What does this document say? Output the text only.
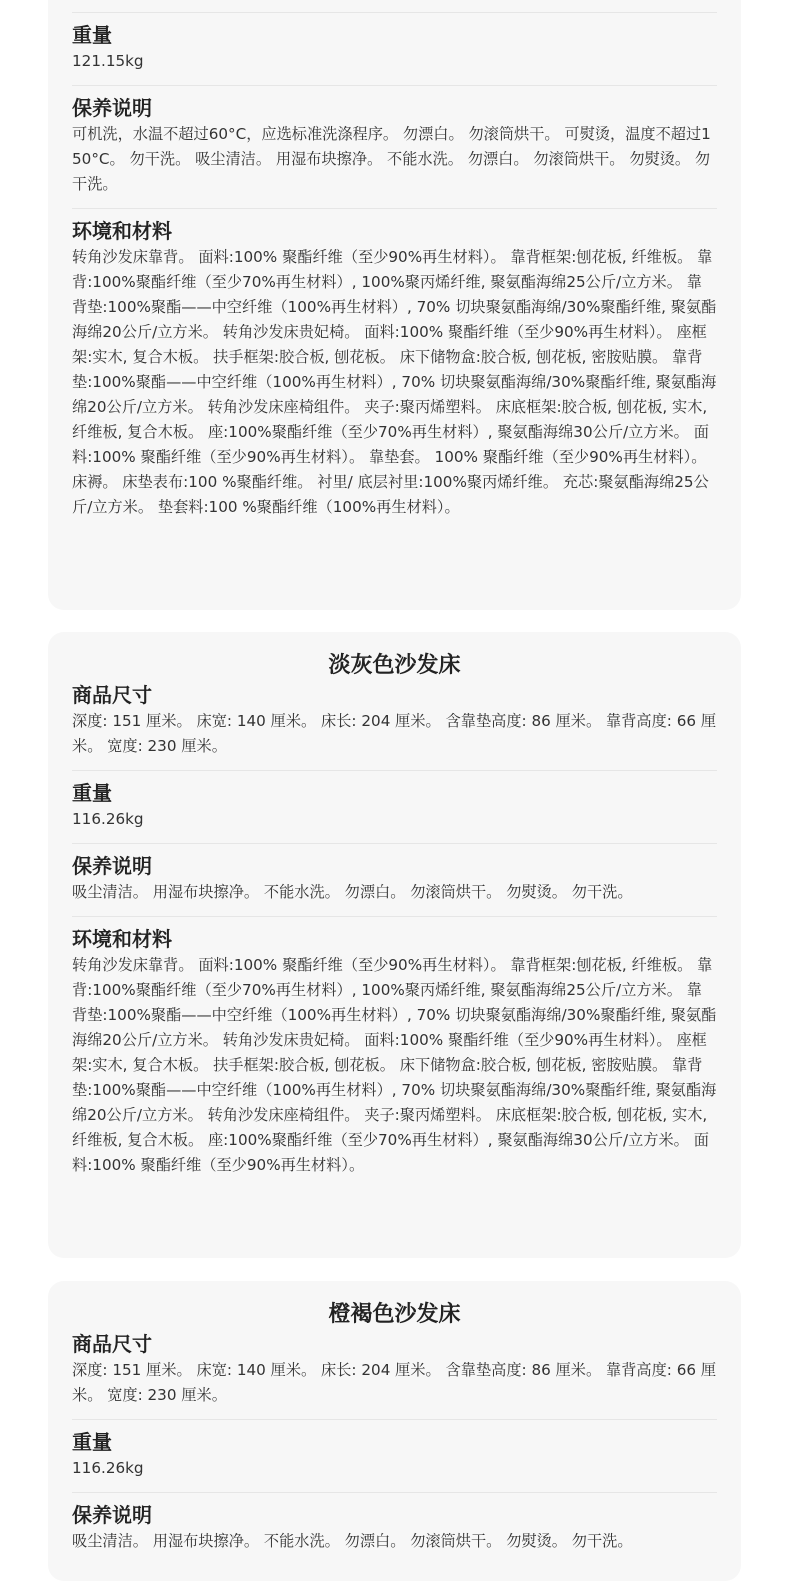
重量

121.15kg

保养说明

可机洗，水温不超过60°C，应选标准洗涤程序。 勿漂白。 勿滚筒烘干。 可熨烫，温度不超过150°C。 勿干洗。 吸尘清洁。 用湿布块擦净。 不能水洗。 勿漂白。 勿滚筒烘干。 勿熨烫。 勿干洗。

环境和材料

转角沙发床靠背。 面料:100% 聚酯纤维（至少90%再生材料）。 靠背框架:刨花板, 纤维板。 靠背:100%聚酯纤维（至少70%再生材料）, 100%聚丙烯纤维, 聚氨酯海绵25公斤/立方米。 靠背垫:100%聚酯——中空纤维（100%再生材料）, 70% 切块聚氨酯海绵/30%聚酯纤维, 聚氨酯海绵20公斤/立方米。 转角沙发床贵妃椅。 面料:100% 聚酯纤维（至少90%再生材料）。 座框架:实木, 复合木板。 扶手框架:胶合板, 刨花板。 床下储物盒:胶合板, 刨花板, 密胺贴膜。 靠背垫:100%聚酯——中空纤维（100%再生材料）, 70% 切块聚氨酯海绵/30%聚酯纤维, 聚氨酯海绵20公斤/立方米。 转角沙发床座椅组件。 夹子:聚丙烯塑料。 床底框架:胶合板, 刨花板, 实木, 纤维板, 复合木板。 座:100%聚酯纤维（至少70%再生材料）, 聚氨酯海绵30公斤/立方米。 面料:100% 聚酯纤维（至少90%再生材料）。 靠垫套。 100% 聚酯纤维（至少90%再生材料）。 床褥。 床垫表布:100 %聚酯纤维。 衬里/ 底层衬里:100%聚丙烯纤维。 充芯:聚氨酯海绵25公斤/立方米。 垫套料:100 %聚酯纤维（100%再生材料）。

淡灰色沙发床

商品尺寸

深度: 151 厘米。 床宽: 140 厘米。 床长: 204 厘米。 含靠垫高度: 86 厘米。 靠背高度: 66 厘米。 宽度: 230 厘米。

重量

116.26kg

保养说明

吸尘清洁。 用湿布块擦净。 不能水洗。 勿漂白。 勿滚筒烘干。 勿熨烫。 勿干洗。

环境和材料

转角沙发床靠背。 面料:100% 聚酯纤维（至少90%再生材料）。 靠背框架:刨花板, 纤维板。 靠背:100%聚酯纤维（至少70%再生材料）, 100%聚丙烯纤维, 聚氨酯海绵25公斤/立方米。 靠背垫:100%聚酯——中空纤维（100%再生材料）, 70% 切块聚氨酯海绵/30%聚酯纤维, 聚氨酯海绵20公斤/立方米。 转角沙发床贵妃椅。 面料:100% 聚酯纤维（至少90%再生材料）。 座框架:实木, 复合木板。 扶手框架:胶合板, 刨花板。 床下储物盒:胶合板, 刨花板, 密胺贴膜。 靠背垫:100%聚酯——中空纤维（100%再生材料）, 70% 切块聚氨酯海绵/30%聚酯纤维, 聚氨酯海绵20公斤/立方米。 转角沙发床座椅组件。 夹子:聚丙烯塑料。 床底框架:胶合板, 刨花板, 实木, 纤维板, 复合木板。 座:100%聚酯纤维（至少70%再生材料）, 聚氨酯海绵30公斤/立方米。 面料:100% 聚酯纤维（至少90%再生材料）。

橙褐色沙发床

商品尺寸

深度: 151 厘米。 床宽: 140 厘米。 床长: 204 厘米。 含靠垫高度: 86 厘米。 靠背高度: 66 厘米。 宽度: 230 厘米。

重量

116.26kg

保养说明

吸尘清洁。 用湿布块擦净。 不能水洗。 勿漂白。 勿滚筒烘干。 勿熨烫。 勿干洗。
